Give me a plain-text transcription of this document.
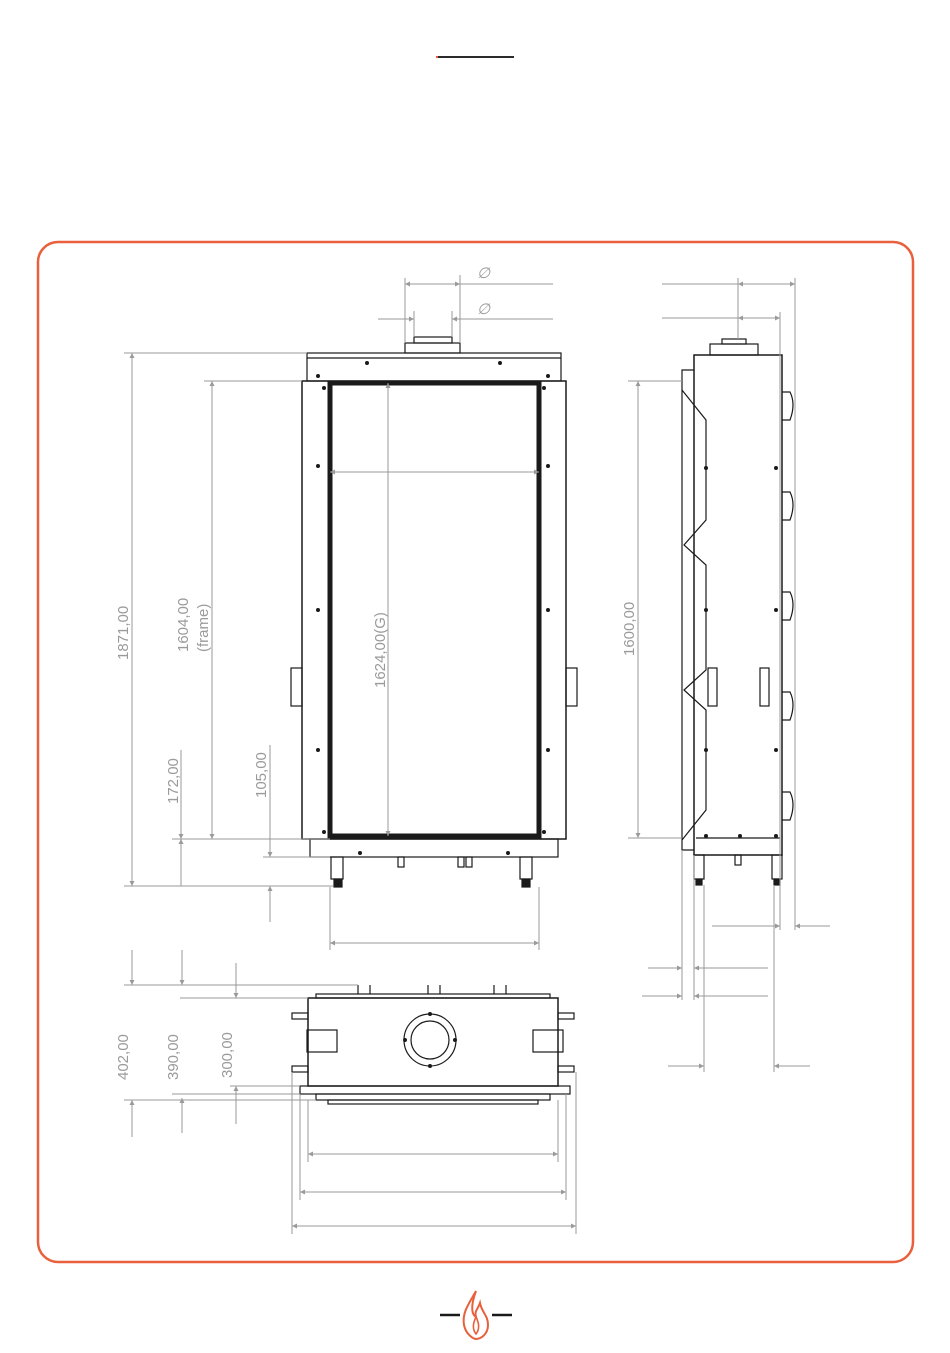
∅
∅
1871,00	1604,00 (frame)	1624,00(G)
172,00	105,00
1600,00
402,00 390,00 300,00
